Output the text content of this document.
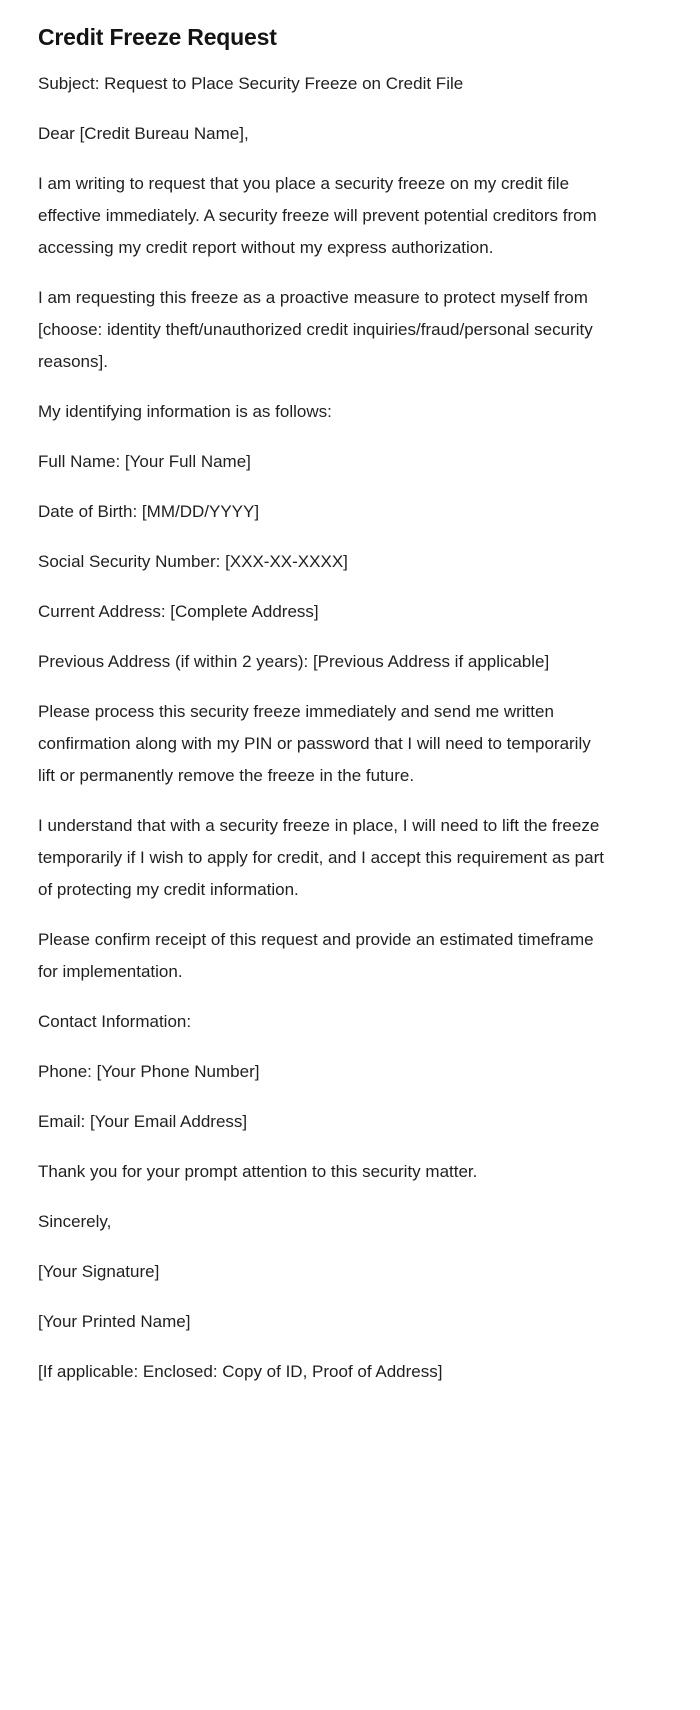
Credit Freeze Request

Subject: Request to Place Security Freeze on Credit File

Dear [Credit Bureau Name],

I am writing to request that you place a security freeze on my credit file effective immediately. A security freeze will prevent potential creditors from accessing my credit report without my express authorization.

I am requesting this freeze as a proactive measure to protect myself from [choose: identity theft/unauthorized credit inquiries/fraud/personal security reasons].

My identifying information is as follows:

Full Name: [Your Full Name]

Date of Birth: [MM/DD/YYYY]

Social Security Number: [XXX-XX-XXXX]

Current Address: [Complete Address]

Previous Address (if within 2 years): [Previous Address if applicable]

Please process this security freeze immediately and send me written confirmation along with my PIN or password that I will need to temporarily lift or permanently remove the freeze in the future.

I understand that with a security freeze in place, I will need to lift the freeze temporarily if I wish to apply for credit, and I accept this requirement as part of protecting my credit information.

Please confirm receipt of this request and provide an estimated timeframe for implementation.

Contact Information:

Phone: [Your Phone Number]

Email: [Your Email Address]

Thank you for your prompt attention to this security matter.

Sincerely,

[Your Signature]

[Your Printed Name]

[If applicable: Enclosed: Copy of ID, Proof of Address]
